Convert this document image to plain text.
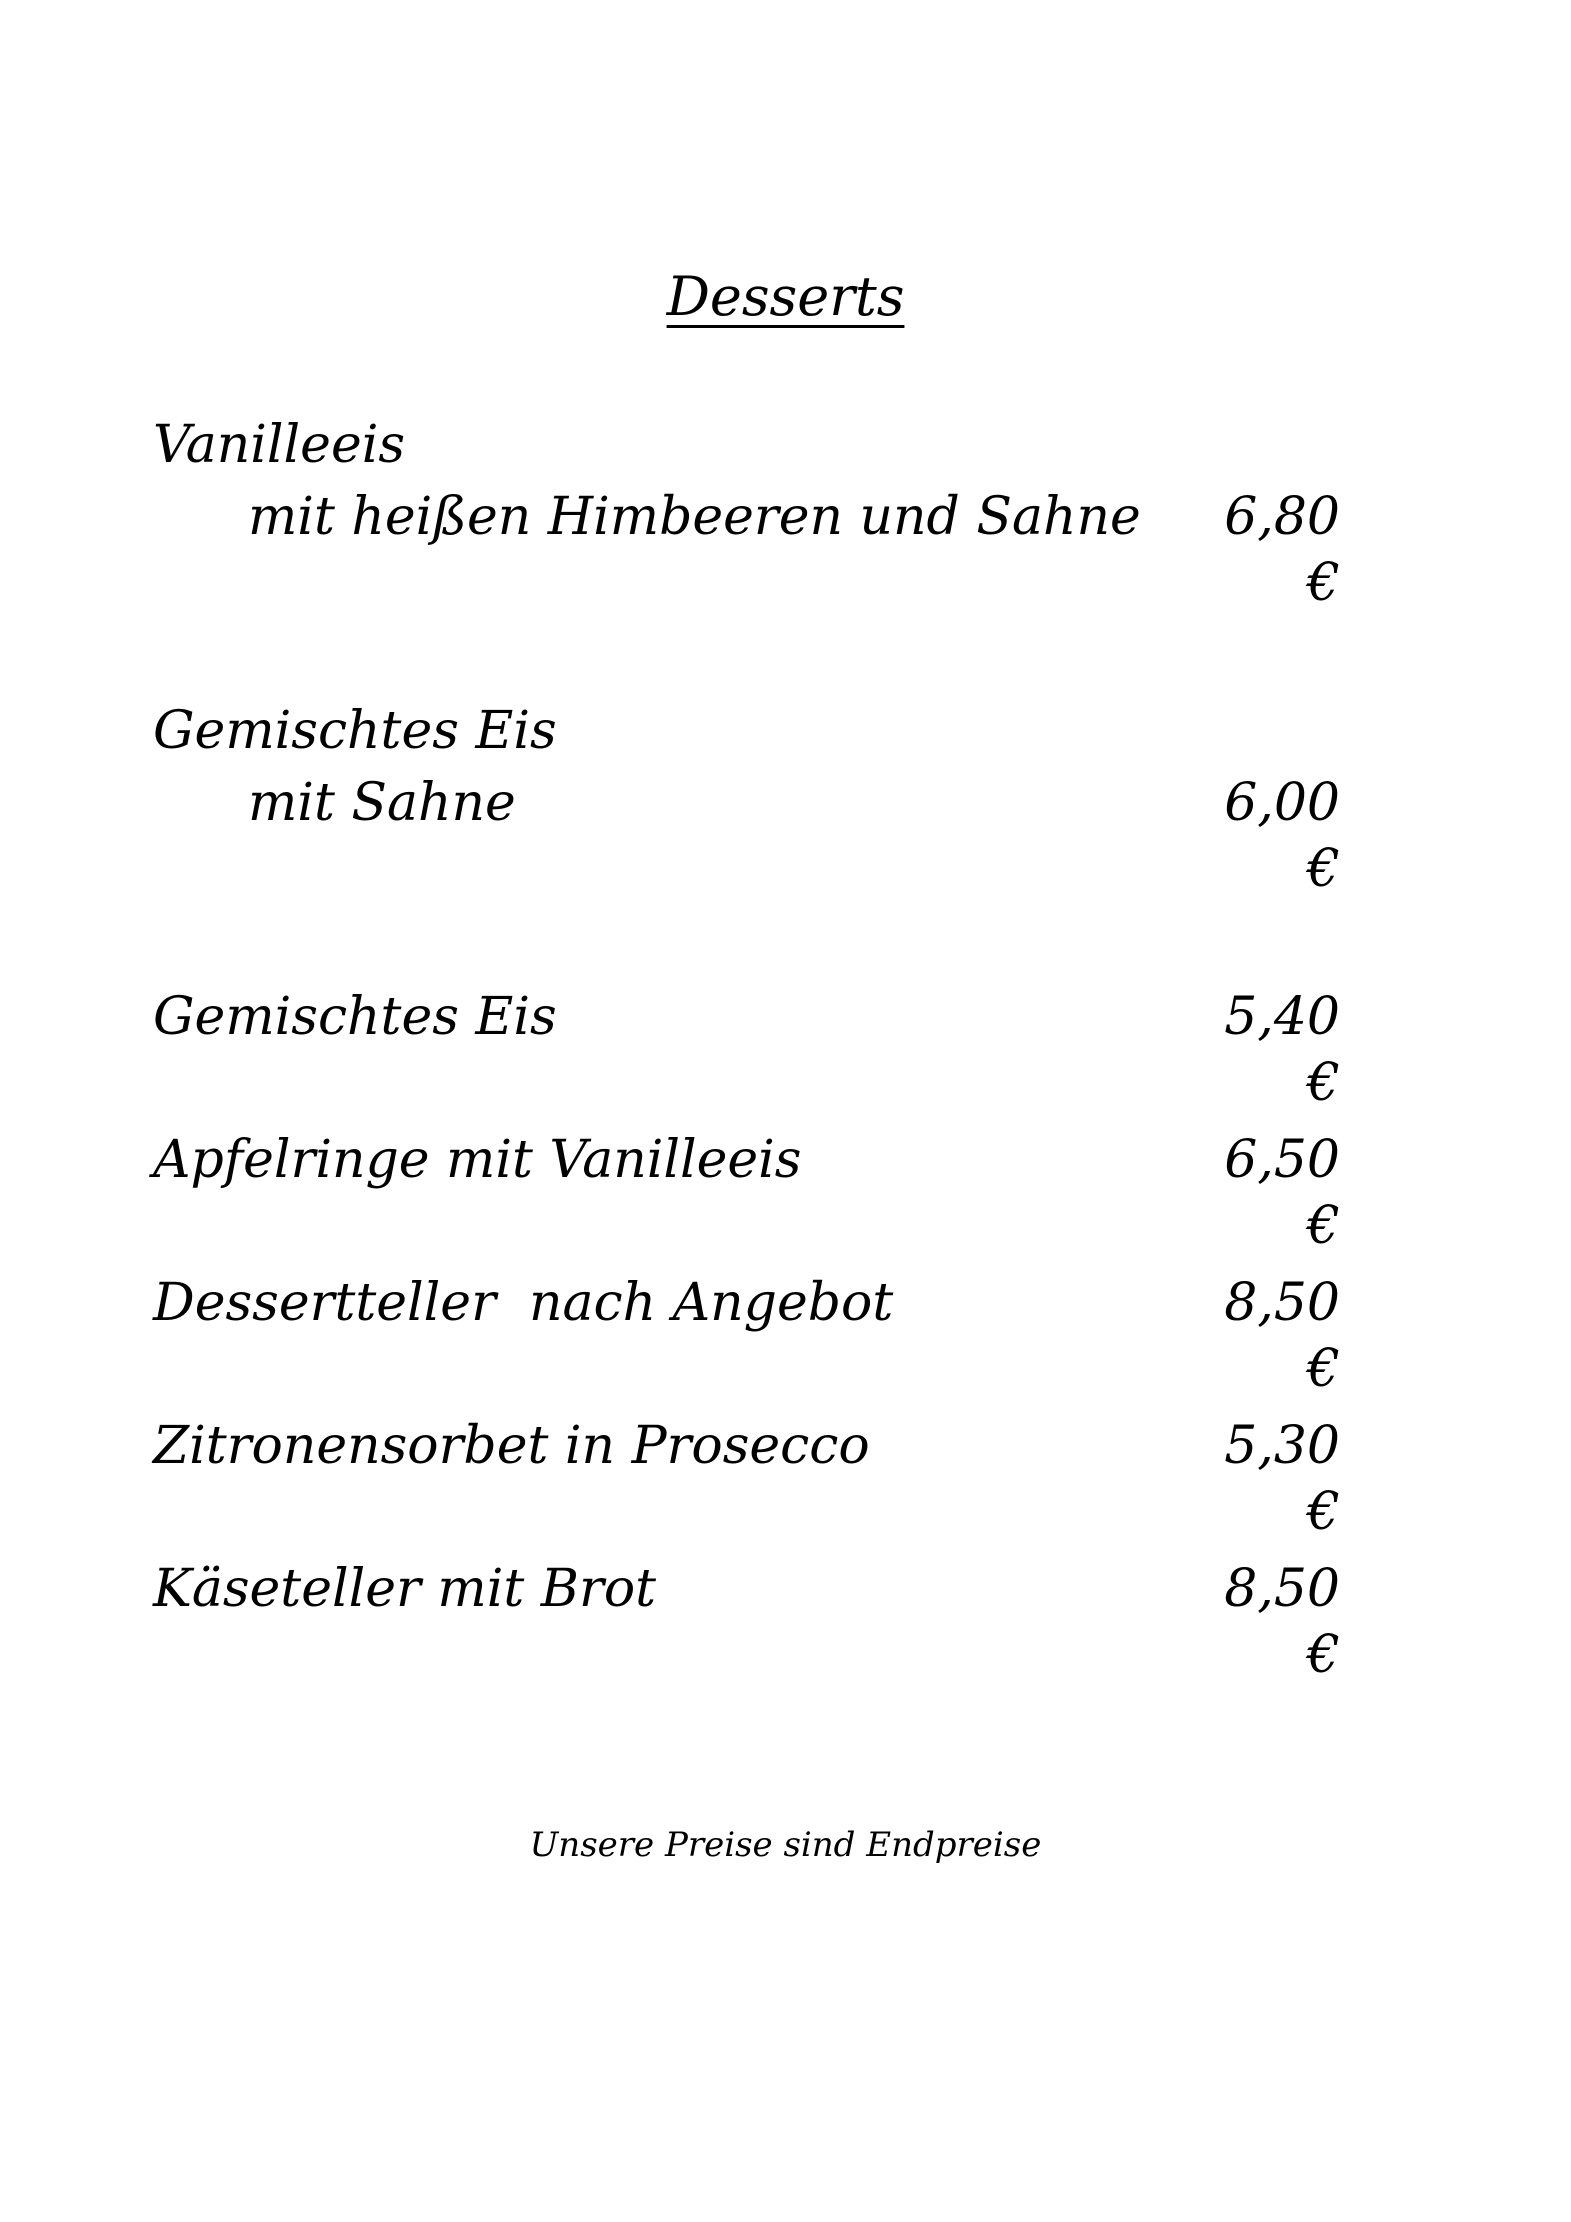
Desserts
Vanilleeis
mit heißen Himbeeren und Sahne	6,80 €
Gemischtes Eis
mit Sahne	6,00 €
Gemischtes Eis	5,40 €
Apfelringe mit Vanilleeis	6,50 €
Dessertteller  nach Angebot	8,50 €
Zitronensorbet in Prosecco	5,30 €
Käseteller mit Brot	8,50 €
Unsere Preise sind Endpreise
